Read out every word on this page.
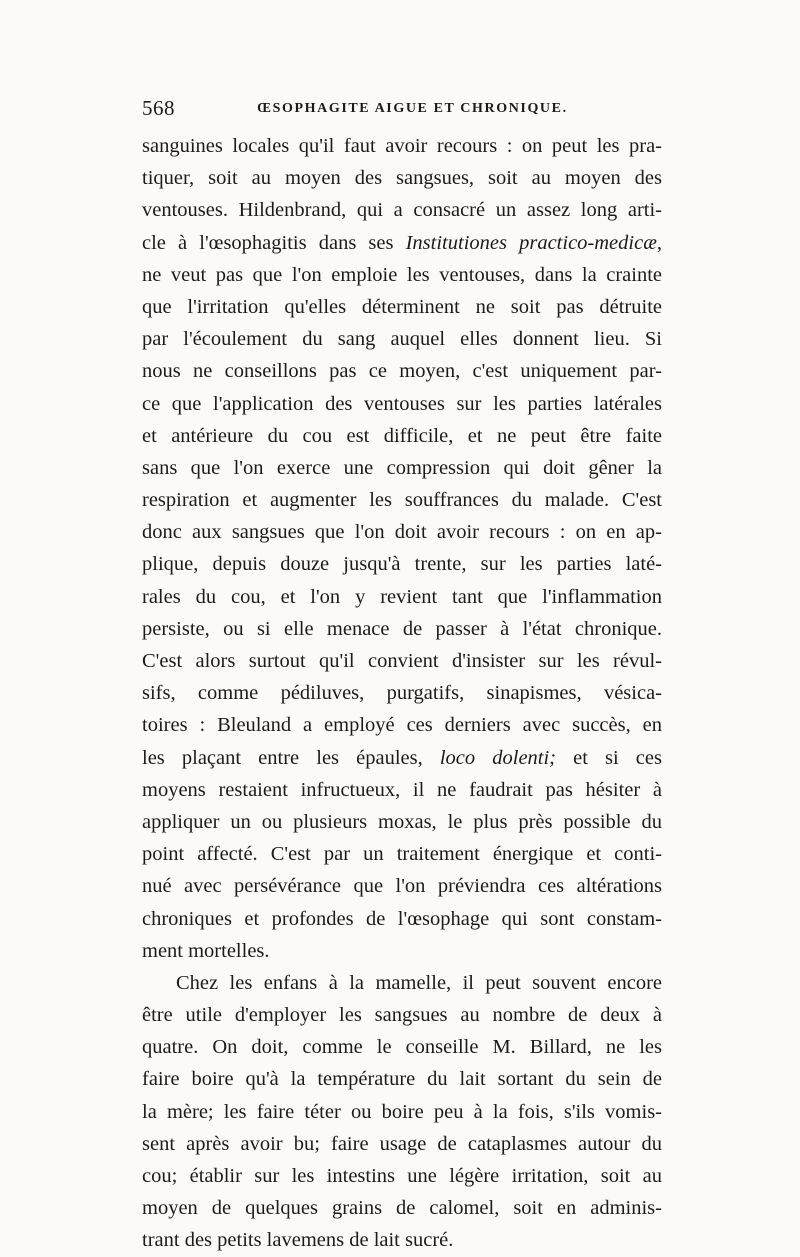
568	ŒSOPHAGITE AIGUE ET CHRONIQUE.
sanguines locales qu'il faut avoir recours : on peut les pra-
tiquer, soit au moyen des sangsues, soit au moyen des
ventouses. Hildenbrand, qui a consacré un assez long arti-
cle à l'œsophagitis dans ses Institutiones practico-medicæ,
ne veut pas que l'on emploie les ventouses, dans la crainte
que l'irritation qu'elles déterminent ne soit pas détruite
par l'écoulement du sang auquel elles donnent lieu. Si
nous ne conseillons pas ce moyen, c'est uniquement par-
ce que l'application des ventouses sur les parties latérales
et antérieure du cou est difficile, et ne peut être faite
sans que l'on exerce une compression qui doit gêner la
respiration et augmenter les souffrances du malade. C'est
donc aux sangsues que l'on doit avoir recours : on en ap-
plique, depuis douze jusqu'à trente, sur les parties laté-
rales du cou, et l'on y revient tant que l'inflammation
persiste, ou si elle menace de passer à l'état chronique.
C'est alors surtout qu'il convient d'insister sur les révul-
sifs, comme pédiluves, purgatifs, sinapismes, vésica-
toires : Bleuland a employé ces derniers avec succès, en
les plaçant entre les épaules, loco dolenti; et si ces
moyens restaient infructueux, il ne faudrait pas hésiter à
appliquer un ou plusieurs moxas, le plus près possible du
point affecté. C'est par un traitement énergique et conti-
nué avec persévérance que l'on préviendra ces altérations
chroniques et profondes de l'œsophage qui sont constam-
ment mortelles.
Chez les enfans à la mamelle, il peut souvent encore
être utile d'employer les sangsues au nombre de deux à
quatre. On doit, comme le conseille M. Billard, ne les
faire boire qu'à la température du lait sortant du sein de
la mère; les faire téter ou boire peu à la fois, s'ils vomis-
sent après avoir bu; faire usage de cataplasmes autour du
cou; établir sur les intestins une légère irritation, soit au
moyen de quelques grains de calomel, soit en adminis-
trant des petits lavemens de lait sucré.
